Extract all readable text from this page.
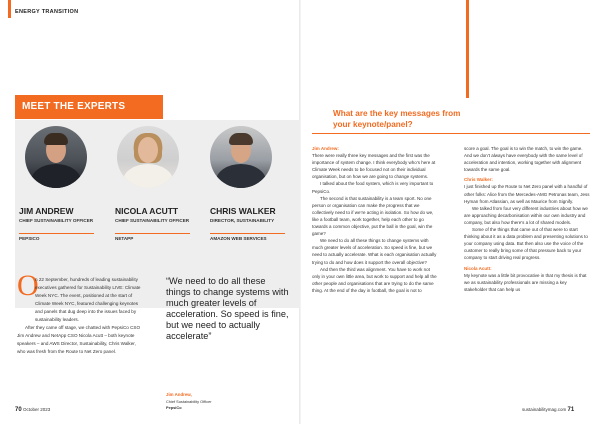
ENERGY TRANSITION
MEET THE EXPERTS
JIM ANDREW
CHIEF SUSTAINABILITY OFFICER
PEPSICO
NICOLA ACUTT
CHIEF SUSTAINABILITY OFFICER
NETAPP
CHRIS WALKER
DIRECTOR, SUSTAINABILITY
AMAZON WEB SERVICES
O

n 22 September, hundreds of leading sustainability executives gathered for Sustainability LIVE: Climate Week NYC. The event, positioned at the start of Climate Week NYC, featured challenging keynotes and panels that dug deep into the issues faced by sustainability leaders.

After they came off stage, we chatted with PepsiCo CSO Jim Andrew and NetApp CSO Nicola Acutt – both keynote speakers – and AWS Director, Sustainability, Chris Walker, who was fresh from the Route to Net Zero panel.

“We need to do all these things to change systems with much greater levels of acceleration. So speed is fine, but we need to actually accelerate”
Jim Andrew,
Chief Sustainability Officer
PepsiCo
What are the key messages from your keynote/panel?
Jim Andrew:

There were really three key messages and the first was the importance of system change. I think everybody who’s here at Climate Week needs to be focused not on their individual organisation, but on how we are going to change systems.

I talked about the food system, which is very important to PepsiCo.

The second is that sustainability is a team sport. No one person or organisation can make the progress that we collectively need to if we’re acting in isolation. So how do we, like a football team, work together, help each other to go towards a common objective, put the ball in the goal, win the game?

We need to do all these things to change systems with much greater levels of acceleration. So speed is fine, but we need to actually accelerate. What is each organisation actually trying to do and how does it support the overall objective?

And then the third was alignment. You have to work not only in your own little area, but work to support and help all the other people and organisations that are trying to do the same thing. At the end of the day in football, the goal is not to

score a goal. The goal is to win the match, to win the game. And we don’t always have everybody with the same level of acceleration and intention, working together with alignment towards the same goal.

Chris Walker:

I just finished up the Route to Net Zero panel with a handful of other folks: Alice from the Mercedes-AMG Petronas team, Jess Hyman from Atlassian, as well as Maurice from Signify.

We talked from four very different industries about how we are approaching decarbonisation within our own industry and company, but also how there’s a lot of shared models.

Some of the things that came out of that were to start thinking about it as a data problem and presenting solutions to your company using data. But then also use the voice of the customer to really bring some of that pressure back to your company to start driving real progress.

Nicola Acutt:

My keynote was a little bit provocative in that my thesis is that we as sustainability professionals are missing a key stakeholder that can help us

70 October 2023	sustainabilitymag.com 71
